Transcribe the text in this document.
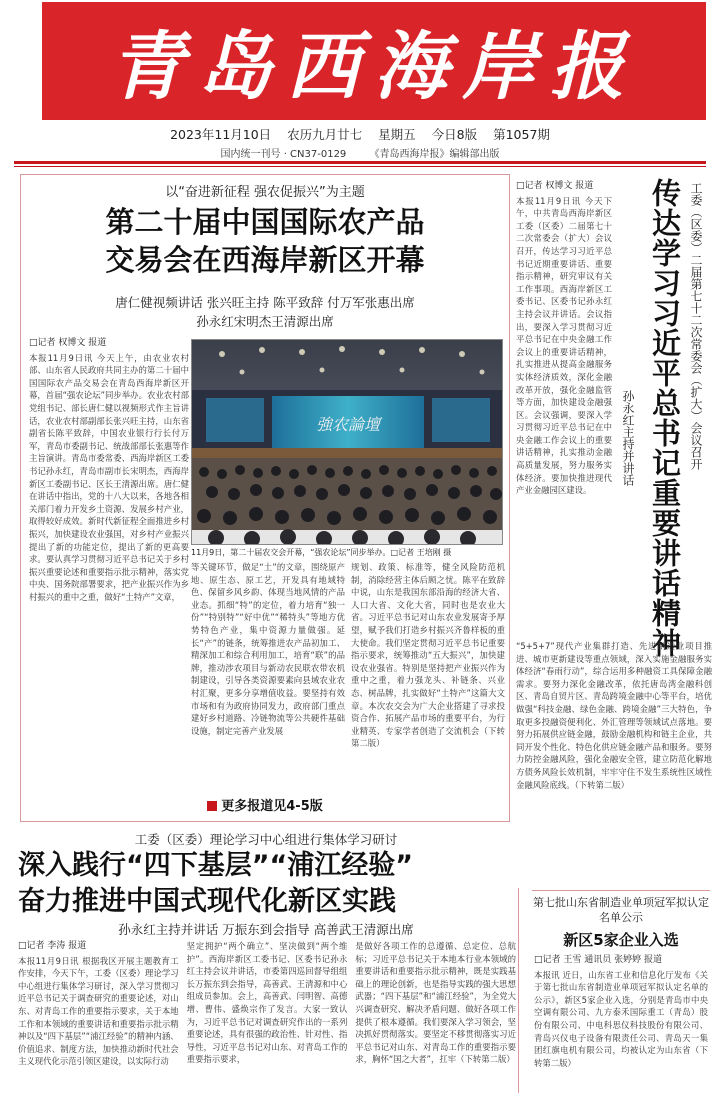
青岛西海岸报
2023年11月10日 农历九月廿七 星期五 今日8版 第1057期
国内统一刊号 · CN37-0129 《青岛西海岸报》编辑部出版
以“奋进新征程 强农促振兴”为主题
第二十届中国国际农产品
交易会在西海岸新区开幕
唐仁健视频讲话 张兴旺主持 陈平致辞 付万军张惠出席
孙永红宋明杰王清源出席
□记者 权博文 报道
本报11月9日讯 今天上午，由农业农村部、山东省人民政府共同主办的第二十届中国国际农产品交易会在青岛西海岸新区开幕，首届“强农论坛”同步举办。农业农村部党组书记、部长唐仁健以视频形式作主旨讲话，农业农村部副部长张兴旺主持，山东省副省长陈平致辞，中国农业银行行长付万军，青岛市委副书记、统战部部长张惠等作主旨演讲。青岛市委常委、西海岸新区工委书记孙永红，青岛市副市长宋明杰，西海岸新区工委副书记、区长王清源出席。唐仁健在讲话中指出，党的十八大以来，各地各相关部门着力开发乡土资源、发展乡村产业，取得较好成效。新时代新征程全面推进乡村振兴，加快建设农业强国，对乡村产业振兴提出了新的功能定位，提出了新的更高要求。要认真学习贯彻习近平总书记关于乡村振兴重要论述和重要指示批示精神，落实党中央、国务院部署要求，把产业振兴作为乡村振兴的重中之重，做好“土特产”文章，
強农論壇
11月9日，第二十届农交会开幕，“强农论坛”同步举办。□记者 王培刚 摄
等关键环节，做足“土”的文章，围绕原产地、原生态、原工艺，开发具有地域特色、保留乡风乡韵、体现当地风情的产品业态。抓细“特”的定位，着力培育“独一份”“特别特”“好中优”“稀特头”等地方优势特色产业，集中资源力量做强。延长“产”的链条，统筹推进农产品初加工、精深加工和综合利用加工，培育“联”的品牌，推动涉农项目与新动农民联农带农机制建设，引导各类资源要素向县域农业农村汇聚，更多分享增值收益。要坚持有效市场和有为政府协同发力，政府部门重点建好乡村道路、冷链物流等公共硬件基础设施，制定完善产业发展
规划、政策、标准等，健全风险防范机制，消除经营主体后顾之忧。陈平在致辞中说，山东是我国东部沿海的经济大省、人口大省、文化大省，同时也是农业大省。习近平总书记对山东农业发展寄予厚望，赋予我们打造乡村振兴齐鲁样板的重大使命。我们坚定贯彻习近平总书记重要指示要求，统筹推动“五大振兴”，加快建设农业强省。特别是坚持把产业振兴作为重中之重，着力强龙头、补链条、兴业态、树品牌，扎实做好“土特产”这篇大文章。本次农交会为广大企业搭建了寻求投资合作、拓展产品市场的重要平台，为行业精英、专家学者创造了交流机会（下转第二版）
更多报道见4-5版
□记者 权博文 报道
本报11月9日讯 今天下午，中共青岛西海岸新区工委（区委）二届第七十二次常委会（扩大）会议召开，传达学习习近平总书记近期重要讲话、重要指示精神，研究审议有关工作事项。西海岸新区工委书记、区委书记孙永红主持会议并讲话。会议指出，要深入学习贯彻习近平总书记在中央金融工作会议上的重要讲话精神，扎实推进从提高金融服务实体经济质效，深化金融改革开放，强化金融监管等方面，加快建设金融强区。会议强调，要深入学习贯彻习近平总书记在中央金融工作会议上的重要讲话精神，扎实推动金融高质量发展，努力服务实体经济。要加快推进现代产业金融园区建设。
工委（区委）二届第七十二次常委会（扩大）会议召开
传达学习习近平总书记重要讲话精神
孙永红主持并讲话
“5+5+7”现代产业集群打造、先进制造业项目推进、城市更新建设等重点领域，深入实施金融服务实体经济“春雨行动”，综合运用多种融资工具保障金融需求。要努力深化金融改革，依托唐岛湾金融科创区、青岛自贸片区、青岛跨境金融中心等平台，培优做强“科技金融、绿色金融、跨境金融”三大特色，争取更多投融资便利化、外汇管理等领域试点落地。要努力拓展供应链金融，鼓励金融机构和链主企业，共同开发个性化、特色化供应链金融产品和服务。要努力防控金融风险，强化金融安全管，建立防范化解地方债务风险长效机制，牢牢守住不发生系统性区域性金融风险底线。（下转第二版）
第七批山东省制造业单项冠军拟认定名单公示
新区5家企业入选
□记者 王雪 通讯员 张婷婷 报道
本报讯 近日，山东省工业和信息化厅发布《关于第七批山东省制造业单项冠军拟认定名单的公示》，新区5家企业入选，分别是青岛市中央空调有限公司、九方泰禾国际重工（青岛）股份有限公司、中电科思仪科技股份有限公司、青岛兴仪电子设备有限责任公司、青岛天一集团红旗电机有限公司，均被认定为山东省（下转第二版）
工委（区委）理论学习中心组进行集体学习研讨
深入践行“四下基层”“浦江经验”
奋力推进中国式现代化新区实践
孙永红主持并讲话 万振东到会指导 高善武王清源出席
□记者 李涛 报道
本报11月9日讯 根据我区开展主题教育工作安排，今天下午，工委（区委）理论学习中心组进行集体学习研讨，深入学习贯彻习近平总书记关于调查研究的重要论述，对山东、对青岛工作的重要指示要求，关于本地工作和本领域的重要讲话和重要指示批示精神以及“四下基层”“浦江经验”的精神内涵、价值追求、制度方法，加快推动新时代社会主义现代化示范引领区建设，以实际行动
坚定拥护“两个确立”、坚决做到“两个维护”。西海岸新区工委书记、区委书记孙永红主持会议并讲话，市委第四巡回督导组组长万振东到会指导，高善武、王清源和中心组成员参加。会上，高善武、闫明智、高德增、曹伟、盛焕宗作了发言。大家一致认为，习近平总书记对调查研究作出的一系列重要论述，具有很强的政治性、针对性、指导性，习近平总书记对山东、对青岛工作的重要指示要求，
是做好各项工作的总遵循、总定位、总航标；习近平总书记关于本地本行业本领域的重要讲话和重要指示批示精神，既是实践基础上的理论创新，也是指导实践的强大思想武器；“四下基层”和“浦江经验”，为全党大兴调查研究、解决矛盾问题、做好各项工作提供了根本遵循。我们要深入学习领会，坚决抓好贯彻落实。要坚定不移贯彻落实习近平总书记对山东、对青岛工作的重要指示要求，胸怀“国之大者”，扛牢（下转第二版）
